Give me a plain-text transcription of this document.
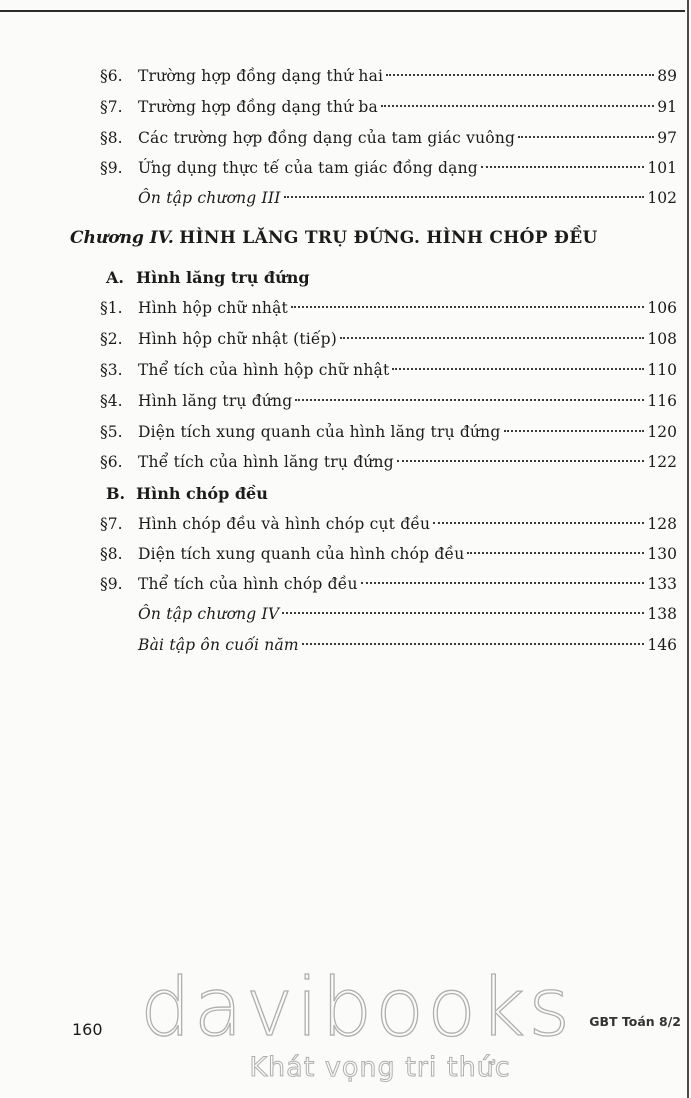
§6. Trường hợp đồng dạng thứ hai	89
§7. Trường hợp đồng dạng thứ ba	91
§8. Các trường hợp đồng dạng của tam giác vuông	97
§9. Ứng dụng thực tế của tam giác đồng dạng	101
Ôn tập chương III	102
Chương IV. HÌNH LĂNG TRỤ ĐỨNG. HÌNH CHÓP ĐỀU
A. Hình lăng trụ đứng
§1. Hình hộp chữ nhật	106
§2. Hình hộp chữ nhật (tiếp)	108
§3. Thể tích của hình hộp chữ nhật	110
§4. Hình lăng trụ đứng	116
§5. Diện tích xung quanh của hình lăng trụ đứng	120
§6. Thể tích của hình lăng trụ đứng	122
B. Hình chóp đều
§7. Hình chóp đều và hình chóp cụt đều	128
§8. Diện tích xung quanh của hình chóp đều	130
§9. Thể tích của hình chóp đều	133
Ôn tập chương IV	138
Bài tập ôn cuối năm	146
davibooks
Khát vọng tri thức
160	GBT Toán 8/2
